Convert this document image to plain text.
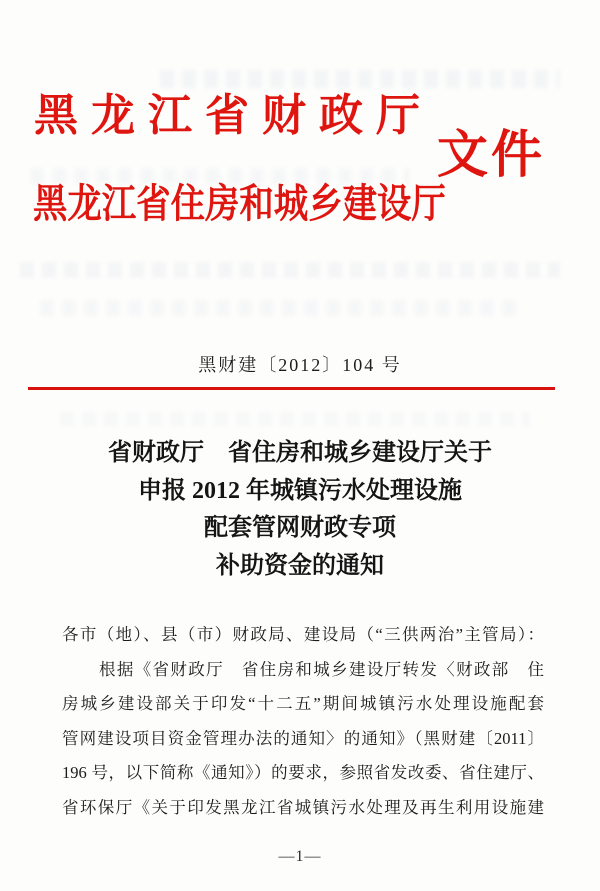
黑龙江省财政厅
文件
黑龙江省住房和城乡建设厅
黑财建〔2012〕104 号
省财政厅　省住房和城乡建设厅关于
申报 2012 年城镇污水处理设施
配套管网财政专项
补助资金的通知
各市（地）、县（市）财政局、建设局（“三供两治”主管局）：
根据《省财政厅　省住房和城乡建设厅转发〈财政部　住
房城乡建设部关于印发“十二五”期间城镇污水处理设施配套
管网建设项目资金管理办法的通知〉的通知》（黑财建〔2011〕
196 号，以下简称《通知》）的要求，参照省发改委、省住建厅、
省环保厅《关于印发黑龙江省城镇污水处理及再生利用设施建
—1—
